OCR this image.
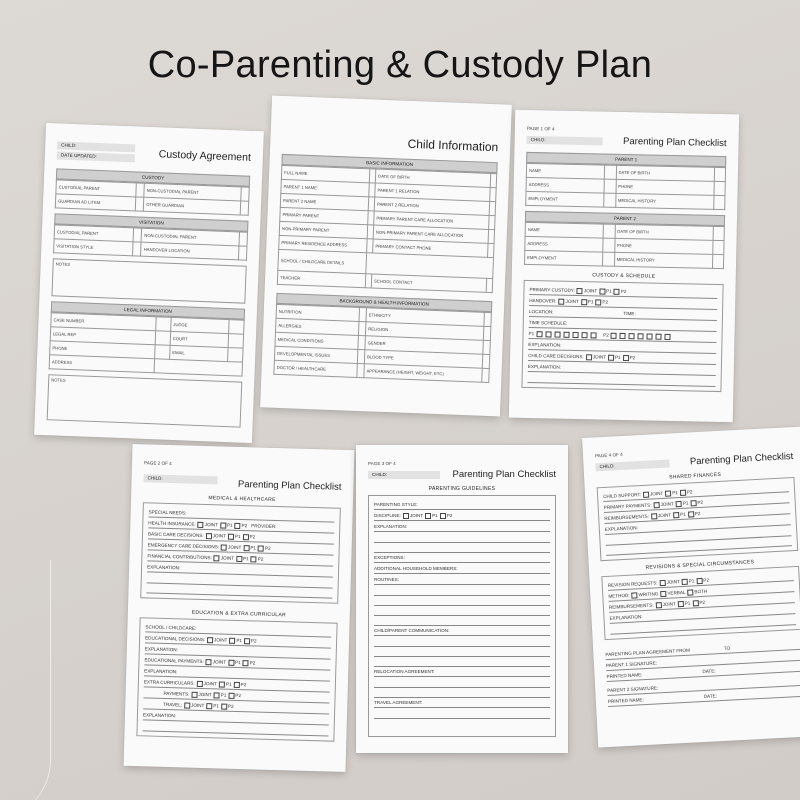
Co-Parenting & Custody Plan
CHILD:
DATE UPDATED:	Custody Agreement
CUSTODY
CUSTODIAL PARENT		NON-CUSTODIAL PARENT	
GUARDIAN AD LITEM		OTHER GUARDIAN	
VISITATION
CUSTODIAL PARENT		NON-CUSTODIAL PARENT	
VISITATION STYLE		HANDOVER LOCATION	
NOTES
LEGAL INFORMATION
CASE NUMBER		JUDGE	
LEGAL REP		COURT	
PHONE		EMAIL	
ADDRESS			
NOTES
Child Information
BASIC INFORMATION
FULL NAME		DATE OF BIRTH	
PARENT 1 NAME		PARENT 1 RELATION	
PARENT 2 NAME		PARENT 2 RELATION	
PRIMARY PARENT		PRIMARY PARENT CARE ALLOCATION	
NON-PRIMARY PARENT		NON-PRIMARY PARENT CARE ALLOCATION	
PRIMARY RESIDENCE ADDRESS		PRIMARY CONTACT PHONE	
SCHOOL / CHILDCARE DETAILS			
TEACHER		SCHOOL CONTACT	
BACKGROUND & HEALTH INFORMATION
NUTRITION		ETHNICITY	
ALLERGIES		RELIGION	
MEDICAL CONDITIONS		GENDER	
DEVELOPMENTAL ISSUES		BLOOD TYPE	
DOCTOR / HEALTHCARE		APPEARANCE (HEIGHT, WEIGHT, ETC)	
PAGE 1 OF 4
CHILD:	Parenting Plan Checklist
PARENT 1
NAME		DATE OF BIRTH	
ADDRESS		PHONE	
EMPLOYMENT		MEDICAL HISTORY	
PARENT 2
NAME		DATE OF BIRTH	
ADDRESS		PHONE	
EMPLOYMENT		MEDICAL HISTORY	
CUSTODY & SCHEDULE
PRIMARY CUSTODY: JOINT P1 P2
HANDOVER: JOINT P1 P2
LOCATION:	TIME:
TIME SCHEDULE:
P1	P2
EXPLANATION:
CHILD CARE DECISIONS: JOINT P1 P2
EXPLANATION:
PAGE 2 OF 4
CHILD:
Parenting Plan Checklist
MEDICAL & HEALTHCARE
SPECIAL NEEDS:
HEALTH INSURANCE: JOINT P1 P2 PROVIDER:
BASIC CARE DECISIONS: JOINT P1 P2
EMERGENCY CARE DECISIONS: JOINT P1 P2
FINANCIAL CONTRIBUTIONS: JOINT P1 P2
EXPLANATION:
EDUCATION & EXTRA CURRICULAR
SCHOOL / CHILDCARE:
EDUCATIONAL DECISIONS: JOINT P1 P2
EXPLANATION:
EDUCATIONAL PAYMENTS: JOINT P1 P2
EXPLANATION:
EXTRA CURRICULARS: JOINT P1 P2
PAYMENTS: JOINT P1 P2
TRAVEL: JOINT P1 P2
EXPLANATION:
PAGE 3 OF 4
CHILD:	Parenting Plan Checklist
PARENTING GUIDELINES
PARENTING STYLE:
DISCIPLINE: JOINT P1 P2
EXPLANATION:
EXCEPTIONS:
ADDITIONAL HOUSEHOLD MEMBERS:
ROUTINES:
CHILD/PARENT COMMUNICATION:
RELOCATION AGREEMENT:
TRAVEL AGREEMENT:
PAGE 4 OF 4
CHILD:	Parenting Plan Checklist
SHARED FINANCES
CHILD SUPPORT: JOINT P1 P2
PRIMARY PAYMENTS: JOINT P1 P2
REIMBURSEMENTS: JOINT P1 P2
EXPLANATION:
REVISIONS & SPECIAL CIRCUMSTANCES
REVISION REQUESTS: JOINT P1 P2
METHOD: WRITING VERBAL BOTH
REIMBURSEMENTS: JOINT P1 P2
EXPLANATION:
PARENTING PLAN AGREEMENT FROM	TO
PARENT 1 SIGNATURE:
PRINTED NAME:DATE:
PARENT 2 SIGNATURE:
PRINTED NAME:DATE:
